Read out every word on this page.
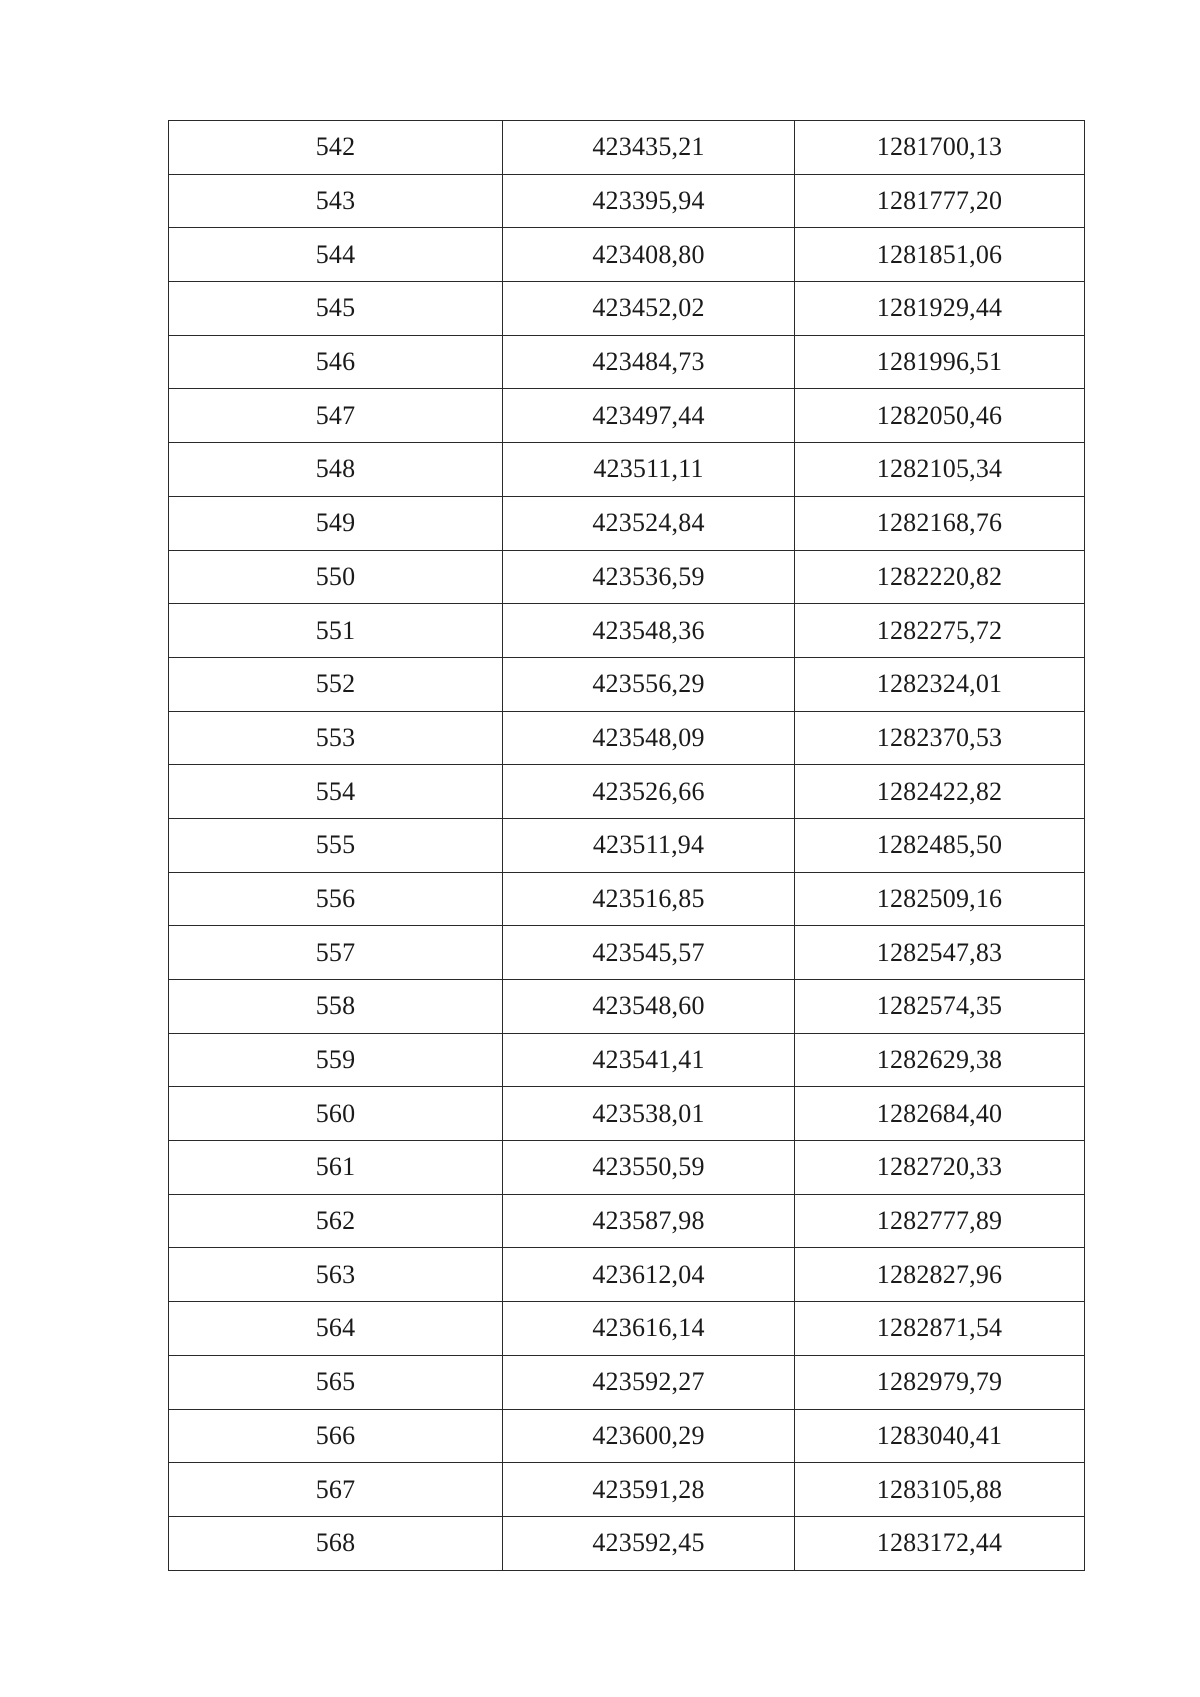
542	423435,21	1281700,13
543	423395,94	1281777,20
544	423408,80	1281851,06
545	423452,02	1281929,44
546	423484,73	1281996,51
547	423497,44	1282050,46
548	423511,11	1282105,34
549	423524,84	1282168,76
550	423536,59	1282220,82
551	423548,36	1282275,72
552	423556,29	1282324,01
553	423548,09	1282370,53
554	423526,66	1282422,82
555	423511,94	1282485,50
556	423516,85	1282509,16
557	423545,57	1282547,83
558	423548,60	1282574,35
559	423541,41	1282629,38
560	423538,01	1282684,40
561	423550,59	1282720,33
562	423587,98	1282777,89
563	423612,04	1282827,96
564	423616,14	1282871,54
565	423592,27	1282979,79
566	423600,29	1283040,41
567	423591,28	1283105,88
568	423592,45	1283172,44
